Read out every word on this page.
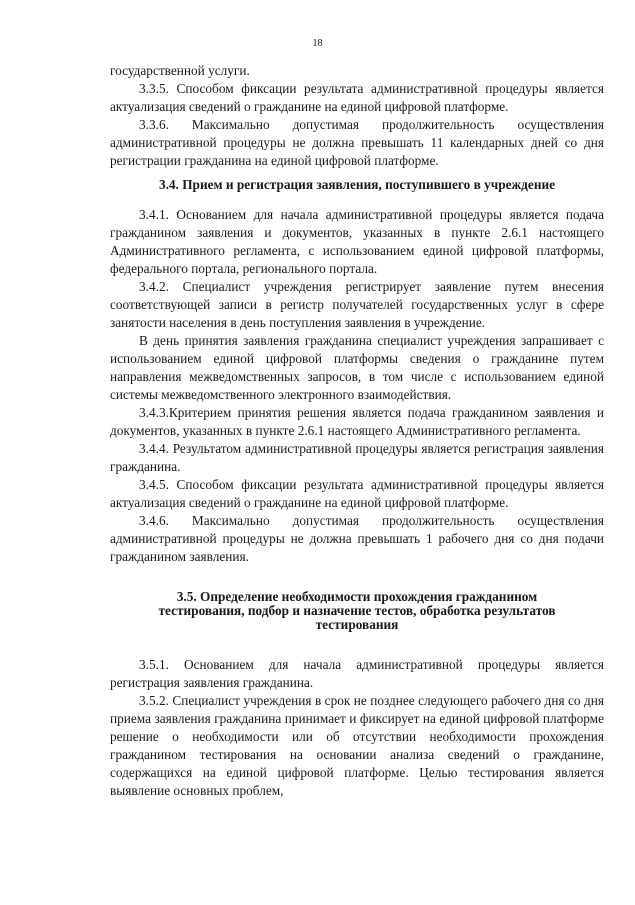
18

государственной услуги.

3.3.5. Способом фиксации результата административной процедуры является актуализация сведений о гражданине на единой цифровой платформе.

3.3.6. Максимально допустимая продолжительность осуществления административной процедуры не должна превышать 11 календарных дней со дня регистрации гражданина на единой цифровой платформе.

3.4. Прием и регистрация заявления, поступившего в учреждение

3.4.1. Основанием для начала административной процедуры является подача гражданином заявления и документов, указанных в пункте 2.6.1 настоящего Административного регламента, с использованием единой цифровой платформы, федерального портала, регионального портала.

3.4.2. Специалист учреждения регистрирует заявление путем внесения соответствующей записи в регистр получателей государственных услуг в сфере занятости населения в день поступления заявления в учреждение.

В день принятия заявления гражданина специалист учреждения запрашивает с использованием единой цифровой платформы сведения о гражданине путем направления межведомственных запросов, в том числе с использованием единой системы межведомственного электронного взаимодействия.

3.4.3.Критерием принятия решения является подача гражданином заявления и документов, указанных в пункте 2.6.1 настоящего Административного регламента.

3.4.4. Результатом административной процедуры является регистрация заявления гражданина.

3.4.5. Способом фиксации результата административной процедуры является актуализация сведений о гражданине на единой цифровой платформе.

3.4.6. Максимально допустимая продолжительность осуществления административной процедуры не должна превышать 1 рабочего дня со дня подачи гражданином заявления.

3.5. Определение необходимости прохождения гражданином

тестирования, подбор и назначение тестов, обработка результатов

тестирования

3.5.1. Основанием для начала административной процедуры является регистрация заявления гражданина.

3.5.2. Специалист учреждения в срок не позднее следующего рабочего дня со дня приема заявления гражданина принимает и фиксирует на единой цифровой платформе решение о необходимости или об отсутствии необходимости прохождения гражданином тестирования на основании анализа сведений о гражданине, содержащихся на единой цифровой платформе. Целью тестирования является выявление основных проблем,
